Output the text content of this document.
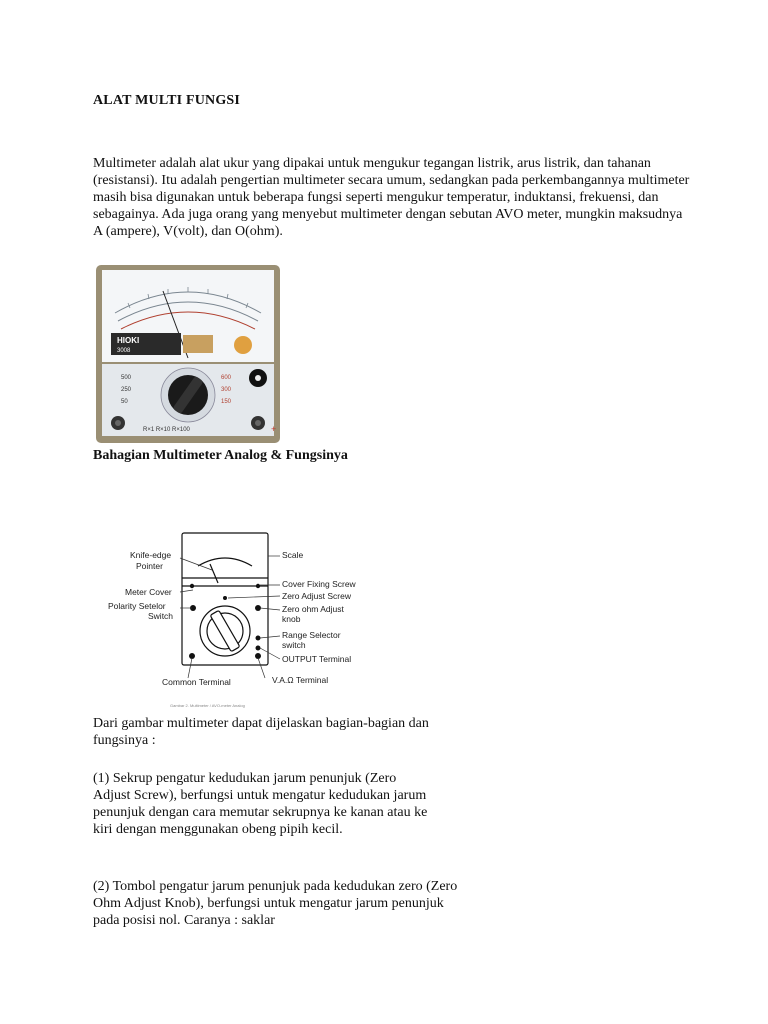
ALAT MULTI FUNGSI
Multimeter adalah alat ukur yang dipakai untuk mengukur tegangan listrik, arus listrik, dan tahanan (resistansi). Itu adalah pengertian multimeter secara umum, sedangkan pada perkembangannya multimeter masih bisa digunakan untuk beberapa fungsi seperti mengukur temperatur, induktansi, frekuensi, dan sebagainya. Ada juga orang yang menyebut multimeter dengan sebutan AVO meter, mungkin maksudnya A (ampere), V(volt), dan O(ohm).
HIOKI
3008
500
250
50
600
300
150
R×1 R×10 R×100	+
Bahagian Multimeter Analog & Fungsinya
Knife-edge
Pointer
Meter Cover
Polarity Setelor
Switch
Common Terminal
Scale
Cover Fixing Screw
Zero Adjust Screw
Zero ohm Adjust
knob
Range Selector
switch
OUTPUT Terminal
V.A.Ω Terminal
Gambar 2. Multimeter / AVO-meter Analog
Dari gambar multimeter dapat dijelaskan bagian-bagian dan fungsinya :
(1) Sekrup pengatur kedudukan jarum penunjuk (Zero Adjust Screw), berfungsi untuk mengatur kedudukan jarum penunjuk dengan cara memutar sekrupnya ke kanan atau ke kiri dengan menggunakan obeng pipih kecil.
(2) Tombol pengatur jarum penunjuk pada kedudukan zero (Zero Ohm Adjust Knob), berfungsi untuk mengatur jarum penunjuk pada posisi nol. Caranya : saklar
